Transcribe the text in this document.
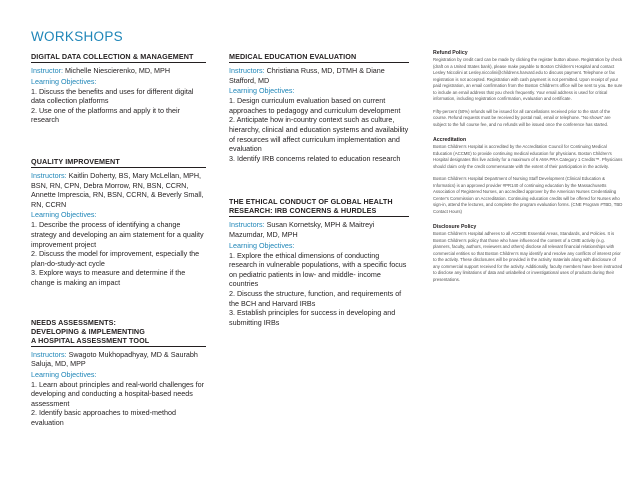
WORKSHOPS
DIGITAL DATA COLLECTION & MANAGEMENT
Instructor: Michelle Niescierenko, MD, MPH
Learning Objectives:
1. Discuss the benefits and uses for different digital data collection platforms
2. Use one of the platforms and apply it to their research
QUALITY IMPROVEMENT
Instructors: Kaitlin Doherty, BS, Mary McLellan, MPH, BSN, RN, CPN, Debra Morrow, RN, BSN, CCRN, Annette Imprescia, RN, BSN, CCRN, & Beverly Small, RN, CCRN
Learning Objectives:
1. Describe the process of identifying a change strategy and developing an aim statement for a quality improvement project
2. Discuss the model for improvement, especially the plan-do-study-act cycle
3. Explore ways to measure and determine if the change is making an impact
NEEDS ASSESSMENTS:
DEVELOPING & IMPLEMENTING
A HOSPITAL ASSESSMENT TOOL
Instructors: Swagoto Mukhopadhyay, MD & Saurabh Saluja, MD, MPP
Learning Objectives:
1. Learn about principles and real-world challenges for developing and conducting a hospital-based needs assessment
2. Identify basic approaches to mixed-method evaluation
MEDICAL EDUCATION EVALUATION
Instructors: Christiana Russ, MD, DTMH & Diane Stafford, MD
Learning Objectives:
1. Design curriculum evaluation based on current approaches to pedagogy and curriculum development
2. Anticipate how in-country context such as culture, hierarchy, clinical and education systems and availability of resources will affect curriculum implementation and evaluation
3. Identify IRB concerns related to education research
THE ETHICAL CONDUCT OF GLOBAL HEALTH
RESEARCH: IRB CONCERNS & HURDLES
Instructors: Susan Kornetsky, MPH & Maitreyi Mazumdar, MD, MPH
Learning Objectives:
1. Explore the ethical dimensions of conducting research in vulnerable populations, with a specific focus on pediatric patients in low- and middle- income countries
2. Discuss the structure, function, and requirements of the BCH and Harvard IRBs
3. Establish principles for success in developing and submitting IRBs
Refund Policy
Registration by credit card can be made by clicking the register button above. Registration by check (draft on a United States bank), please make payable to Boston Children's Hospital and contact Lesley Niccolini at Lesley.niccolini@childrens.harvard.edu to discuss payment. Telephone or fax registration is not accepted. Registration with cash payment is not permitted. Upon receipt of your paid registration, an email confirmation from the Boston Children's office will be sent to you. Be sure to include an email address that you check frequently. Your email address is used for critical information, including registration confirmation, evaluation and certificate.
Fifty-percent (50%) refunds will be issued for all cancellations received prior to the start of the course. Refund requests must be received by postal mail, email or telephone. "No shows" are subject to the full course fee, and no refunds will be issued once the conference has started.
Accreditation
Boston Children's Hospital is accredited by the Accreditation Council for Continuing Medical Education (ACCME) to provide continuing medical education for physicians. Boston Children's Hospital designates this live activity for a maximum of 6 AMA PRA Category 1 Credits™. Physicians should claim only the credit commensurate with the extent of their participation in the activity.
Boston Children's Hospital Department of Nursing Staff Development (Clinical Education & Informatics) is an approved provider #PR140 of continuing education by the Massachusetts Association of Registered Nurses, an accredited approver by the American Nurses Credentialing Center's Commission on Accreditation. Continuing education credits will be offered for Nurses who sign-in, attend the lectures, and complete the program evaluation forms. (CNE Program #TBD, TBD Contact Hours)
Disclosure Policy
Boston Children's Hospital adheres to all ACCME Essential Areas, Standards, and Policies. It is Boston Children's policy that those who have influenced the content of a CME activity (e.g. planners, faculty, authors, reviewers and others) disclose all relevant financial relationships with commercial entities so that Boston Children's may identify and resolve any conflicts of interest prior to the activity. These disclosures will be provided in the activity materials along with disclosure of any commercial support received for the activity. Additionally, faculty members have been instructed to disclose any limitations of data and unlabelled or investigational uses of products during their presentations.
